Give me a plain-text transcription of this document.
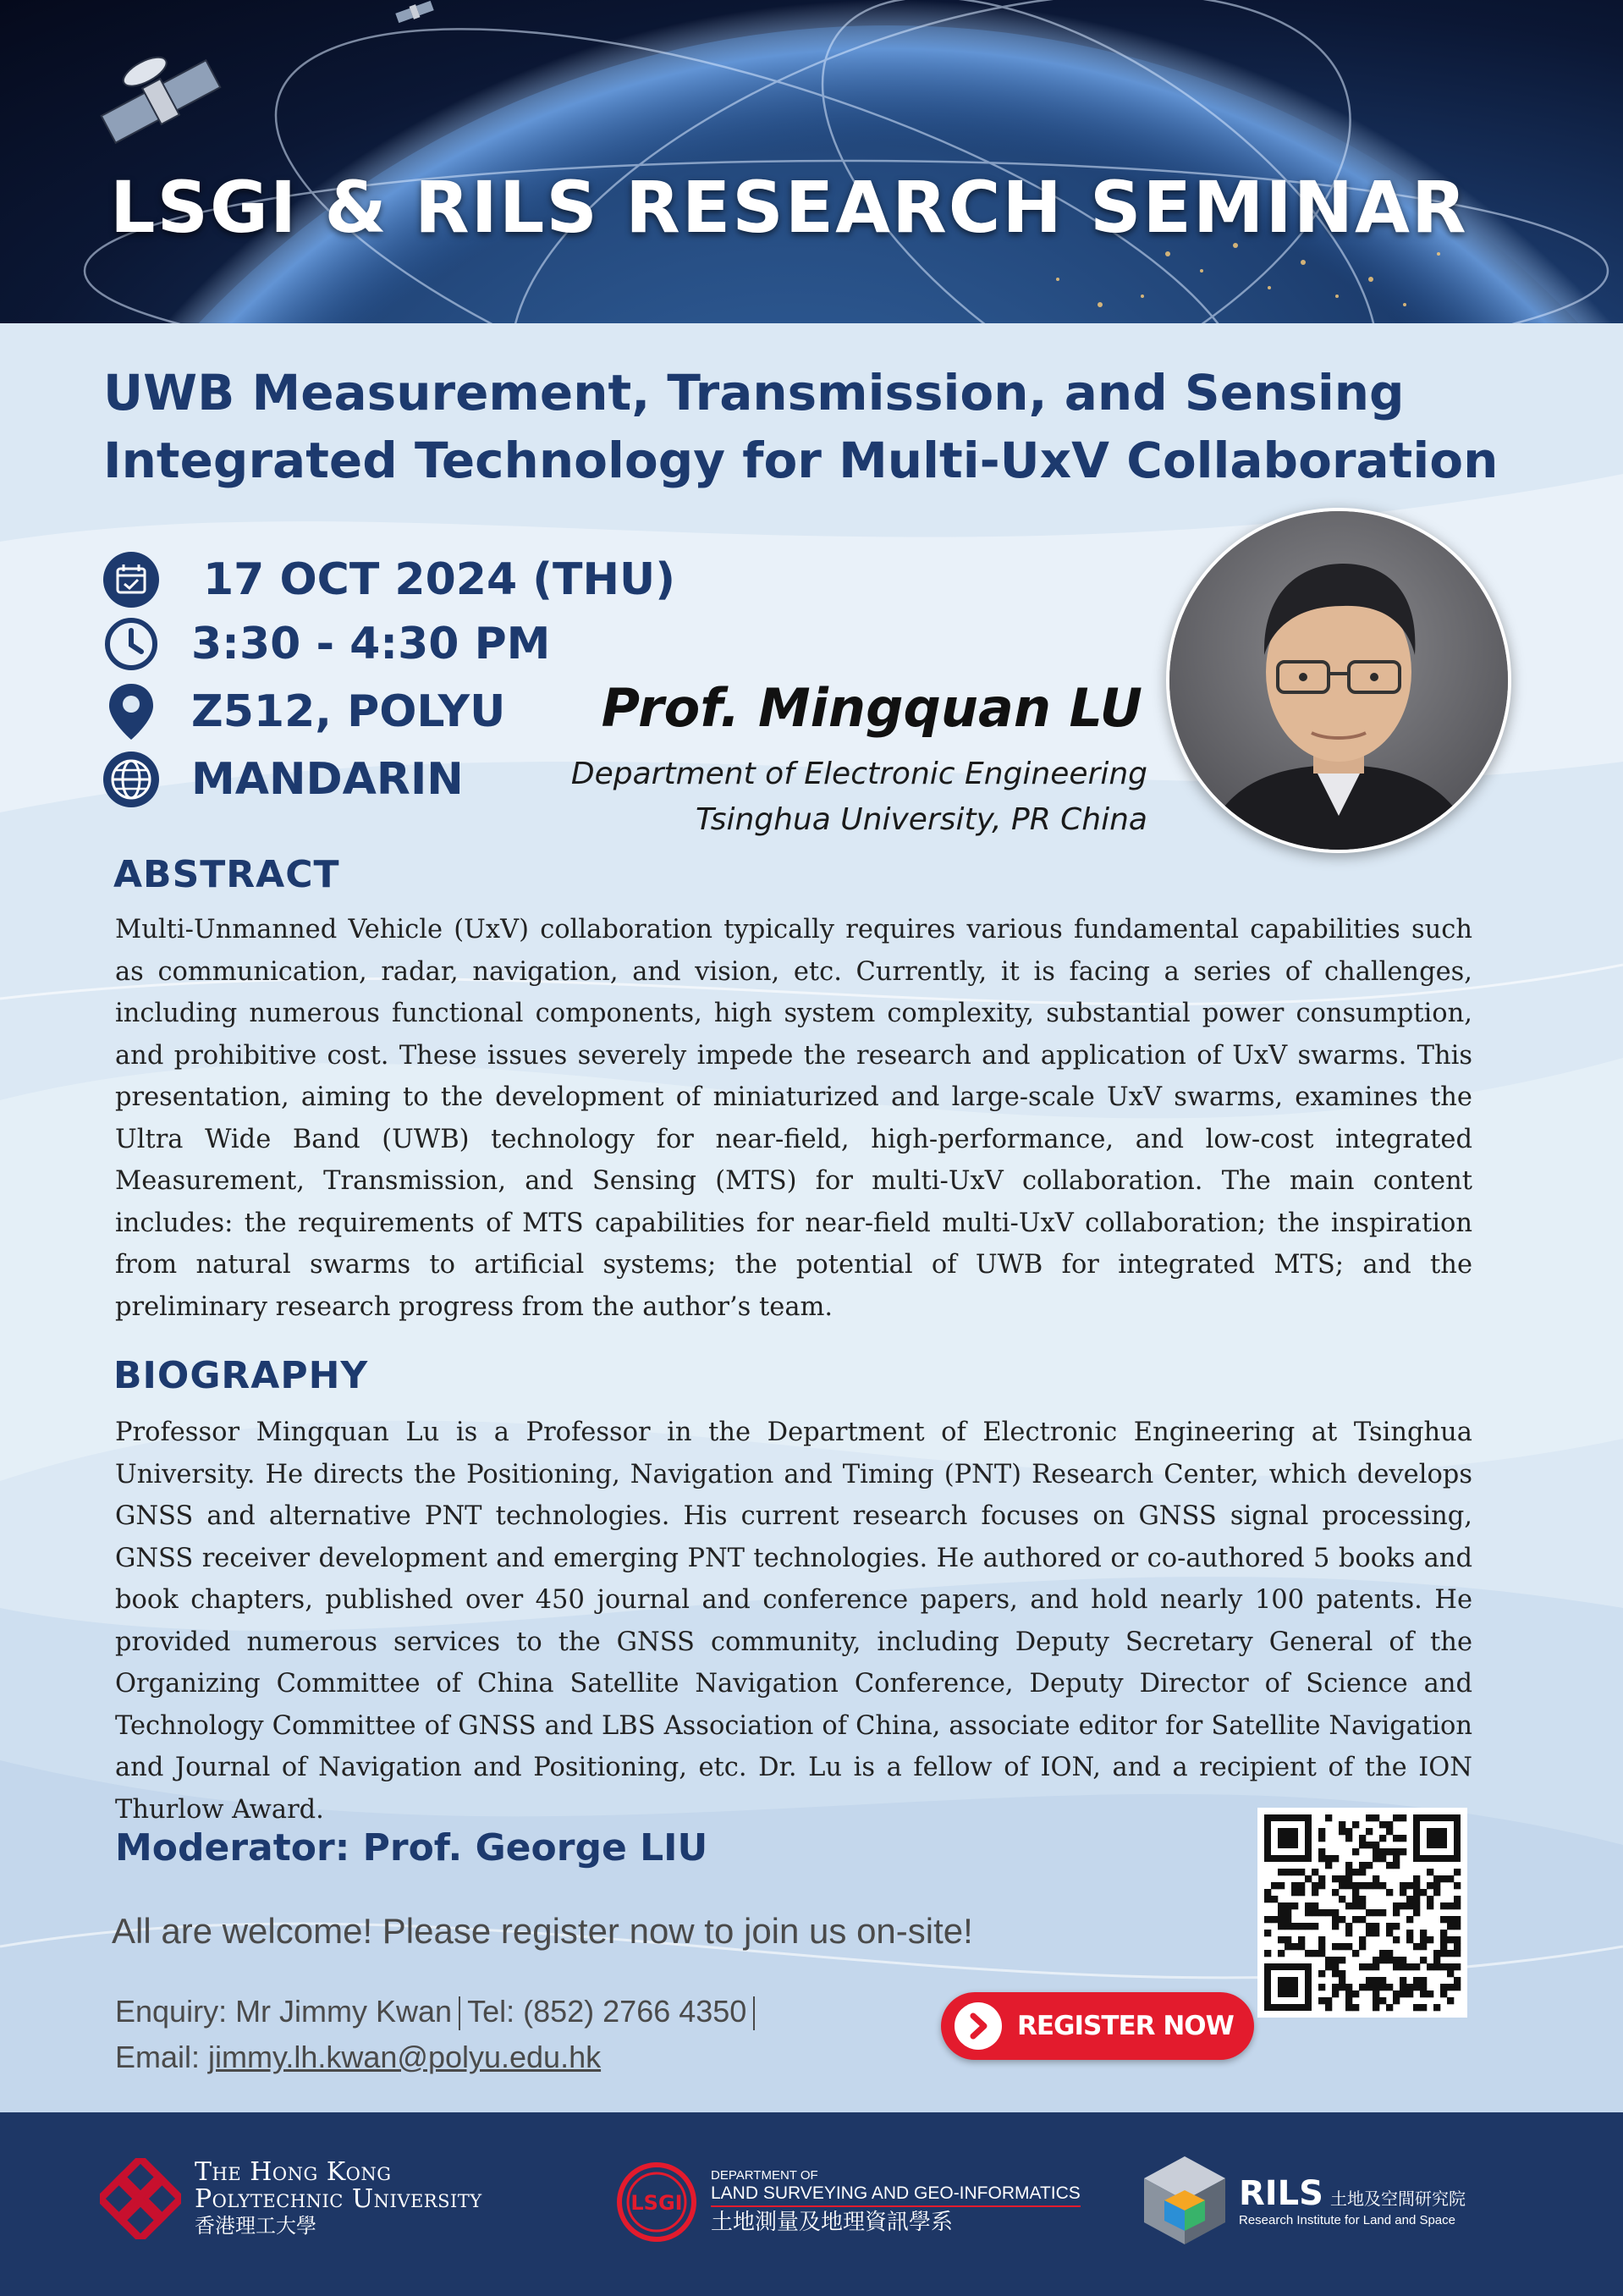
LSGI & RILS RESEARCH SEMINAR
UWB Measurement, Transmission, and Sensing
Integrated Technology for Multi-UxV Collaboration
17 OCT 2024 (THU)
3:30 - 4:30 PM
Z512, POLYU
MANDARIN
Prof. Mingquan LU
Department of Electronic Engineering
Tsinghua University, PR China
ABSTRACT
Multi-Unmanned Vehicle (UxV) collaboration typically requires various fundamental capabilities such as communication, radar, navigation, and vision, etc. Currently, it is facing a series of challenges, including numerous functional components, high system complexity, substantial power consumption, and prohibitive cost. These issues severely impede the research and application of UxV swarms. This presentation, aiming to the development of miniaturized and large-scale UxV swarms, examines the Ultra Wide Band (UWB) technology for near-field, high-performance, and low-cost integrated Measurement, Transmission, and Sensing (MTS) for multi-UxV collaboration. The main content includes: the requirements of MTS capabilities for near-field multi-UxV collaboration; the inspiration from natural swarms to artificial systems; the potential of UWB for integrated MTS; and the preliminary research progress from the author’s team.
BIOGRAPHY
Professor Mingquan Lu is a Professor in the Department of Electronic Engineering at Tsinghua University. He directs the Positioning, Navigation and Timing (PNT) Research Center, which develops GNSS and alternative PNT technologies. His current research focuses on GNSS signal processing, GNSS receiver development and emerging PNT technologies. He authored or co-authored 5 books and book chapters, published over 450 journal and conference papers, and hold nearly 100 patents. He provided numerous services to the GNSS community, including Deputy Secretary General of the Organizing Committee of China Satellite Navigation Conference, Deputy Director of Science and Technology Committee of GNSS and LBS Association of China, associate editor for Satellite Navigation and Journal of Navigation and Positioning, etc. Dr. Lu is a fellow of ION, and a recipient of the ION Thurlow Award.
Moderator: Prof. George LIU
All are welcome! Please register now to join us on-site!
Enquiry: Mr Jimmy Kwan Tel: (852) 2766 4350
Email: jimmy.lh.kwan@polyu.edu.hk
REGISTER NOW
The Hong Kong
Polytechnic University
香港理工大學
LSGI
DEPARTMENT OF
LAND SURVEYING AND GEO-INFORMATICS
土地測量及地理資訊學系
RILS 土地及空間研究院
Research Institute for Land and Space
